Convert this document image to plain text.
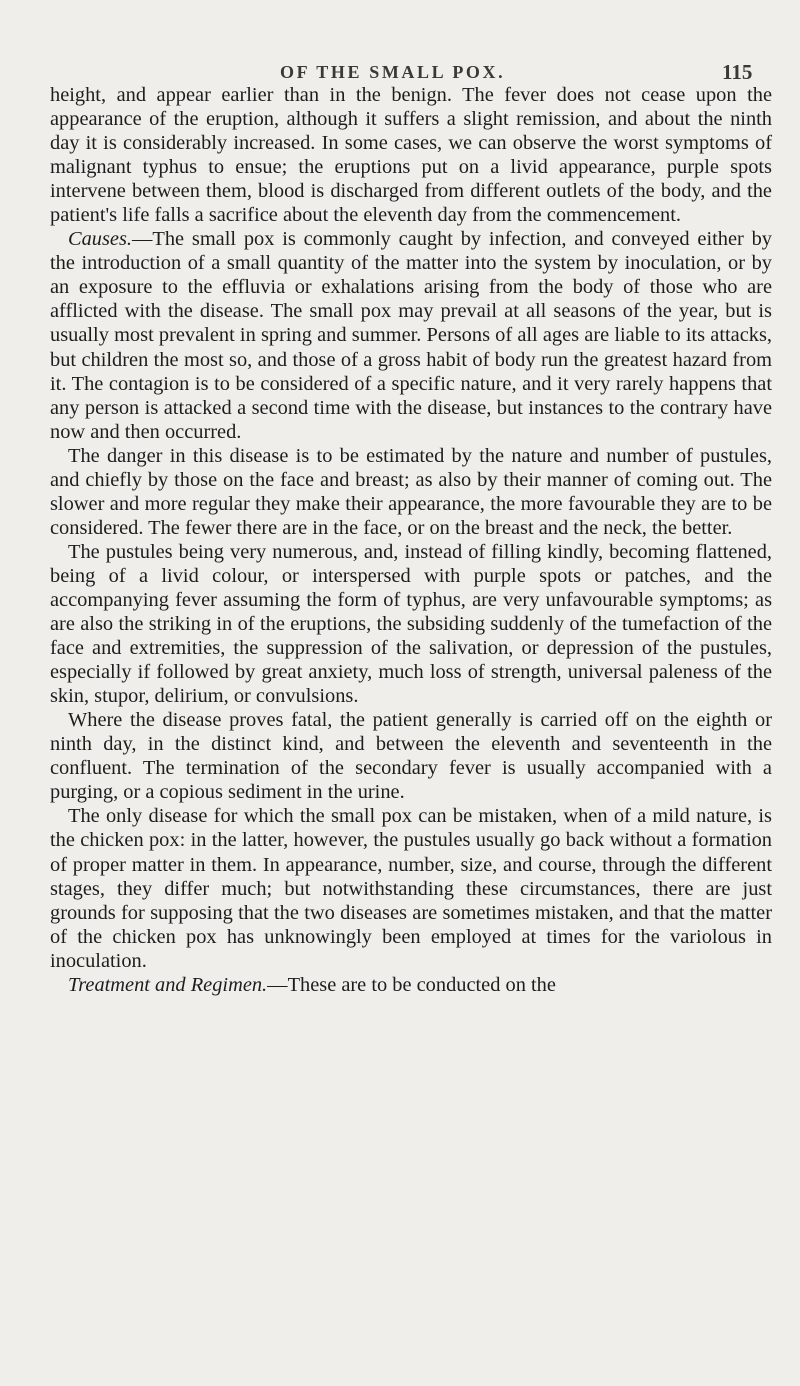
OF THE SMALL POX.	115

height, and appear earlier than in the benign. The fever does not cease upon the appearance of the eruption, although it suffers a slight remission, and about the ninth day it is considerably increased. In some cases, we can observe the worst symptoms of malignant typhus to ensue; the eruptions put on a livid appearance, purple spots intervene between them, blood is discharged from different outlets of the body, and the patient's life falls a sacrifice about the eleventh day from the commencement.

Causes.—The small pox is commonly caught by infection, and conveyed either by the introduction of a small quantity of the matter into the system by inoculation, or by an exposure to the effluvia or exhalations arising from the body of those who are afflicted with the disease. The small pox may prevail at all seasons of the year, but is usually most prevalent in spring and summer. Persons of all ages are liable to its attacks, but children the most so, and those of a gross habit of body run the greatest hazard from it. The contagion is to be considered of a specific nature, and it very rarely happens that any person is attacked a second time with the disease, but instances to the contrary have now and then occurred.

The danger in this disease is to be estimated by the nature and number of pustules, and chiefly by those on the face and breast; as also by their manner of coming out. The slower and more regular they make their appearance, the more favourable they are to be considered. The fewer there are in the face, or on the breast and the neck, the better.

The pustules being very numerous, and, instead of filling kindly, becoming flattened, being of a livid colour, or interspersed with purple spots or patches, and the accompanying fever assuming the form of typhus, are very unfavourable symptoms; as are also the striking in of the eruptions, the subsiding suddenly of the tumefaction of the face and extremities, the suppression of the salivation, or depression of the pustules, especially if followed by great anxiety, much loss of strength, universal paleness of the skin, stupor, delirium, or convulsions.

Where the disease proves fatal, the patient generally is carried off on the eighth or ninth day, in the distinct kind, and between the eleventh and seventeenth in the confluent. The termination of the secondary fever is usually accompanied with a purging, or a copious sediment in the urine.

The only disease for which the small pox can be mistaken, when of a mild nature, is the chicken pox: in the latter, however, the pustules usually go back without a formation of proper matter in them. In appearance, number, size, and course, through the different stages, they differ much; but notwithstanding these circumstances, there are just grounds for supposing that the two diseases are sometimes mistaken, and that the matter of the chicken pox has unknowingly been employed at times for the variolous in inoculation.

Treatment and Regimen.—These are to be conducted on the
